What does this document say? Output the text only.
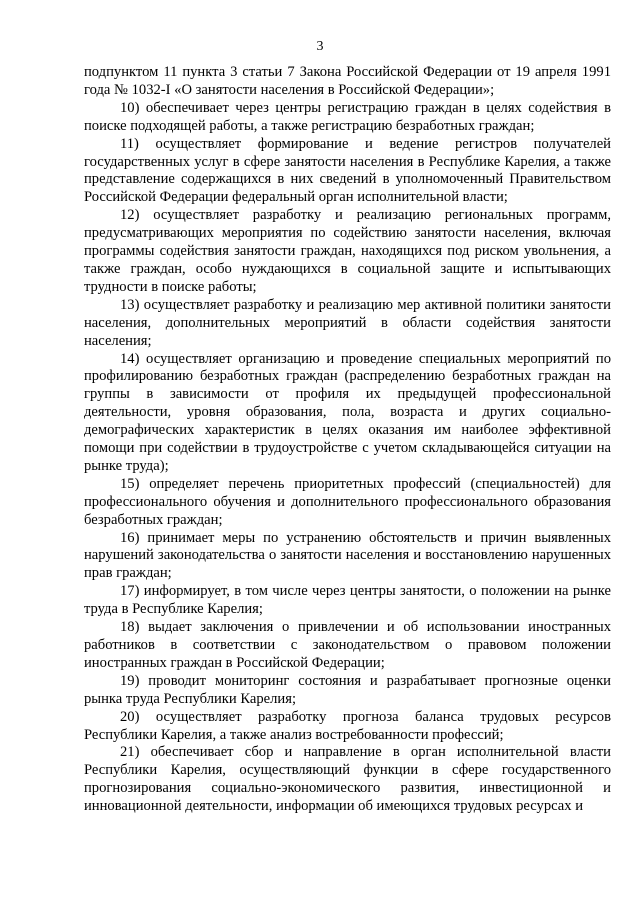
3

подпунктом 11 пункта 3 статьи 7 Закона Российской Федерации от 19 апреля 1991 года № 1032-I «О занятости населения в Российской Федерации»;

10) обеспечивает через центры регистрацию граждан в целях содействия в поиске подходящей работы, а также регистрацию безработных граждан;

11) осуществляет формирование и ведение регистров получателей государственных услуг в сфере занятости населения в Республике Карелия, а также представление содержащихся в них сведений в уполномоченный Правительством Российской Федерации федеральный орган исполнительной власти;

12) осуществляет разработку и реализацию региональных программ, предусматривающих мероприятия по содействию занятости населения, включая программы содействия занятости граждан, находящихся под риском увольнения, а также граждан, особо нуждающихся в социальной защите и испытывающих трудности в поиске работы;

13) осуществляет разработку и реализацию мер активной политики занятости населения, дополнительных мероприятий в области содействия занятости населения;

14) осуществляет организацию и проведение специальных мероприятий по профилированию безработных граждан (распределению безработных граждан на группы в зависимости от профиля их предыдущей профессиональной деятельности, уровня образования, пола, возраста и других социально-демографических характеристик в целях оказания им наиболее эффективной помощи при содействии в трудоустройстве с учетом складывающейся ситуации на рынке труда);

15) определяет перечень приоритетных профессий (специальностей) для профессионального обучения и дополнительного профессионального образования безработных граждан;

16) принимает меры по устранению обстоятельств и причин выявленных нарушений законодательства о занятости населения и восстановлению нарушенных прав граждан;

17) информирует, в том числе через центры занятости, о положении на рынке труда в Республике Карелия;

18) выдает заключения о привлечении и об использовании иностранных работников в соответствии с законодательством о правовом положении иностранных граждан в Российской Федерации;

19) проводит мониторинг состояния и разрабатывает прогнозные оценки рынка труда Республики Карелия;

20) осуществляет разработку прогноза баланса трудовых ресурсов Республики Карелия, а также анализ востребованности профессий;

21) обеспечивает сбор и направление в орган исполнительной власти Республики Карелия, осуществляющий функции в сфере государственного прогнозирования социально-экономического развития, инвестиционной и инновационной деятельности, информации об имеющихся трудовых ресурсах и
